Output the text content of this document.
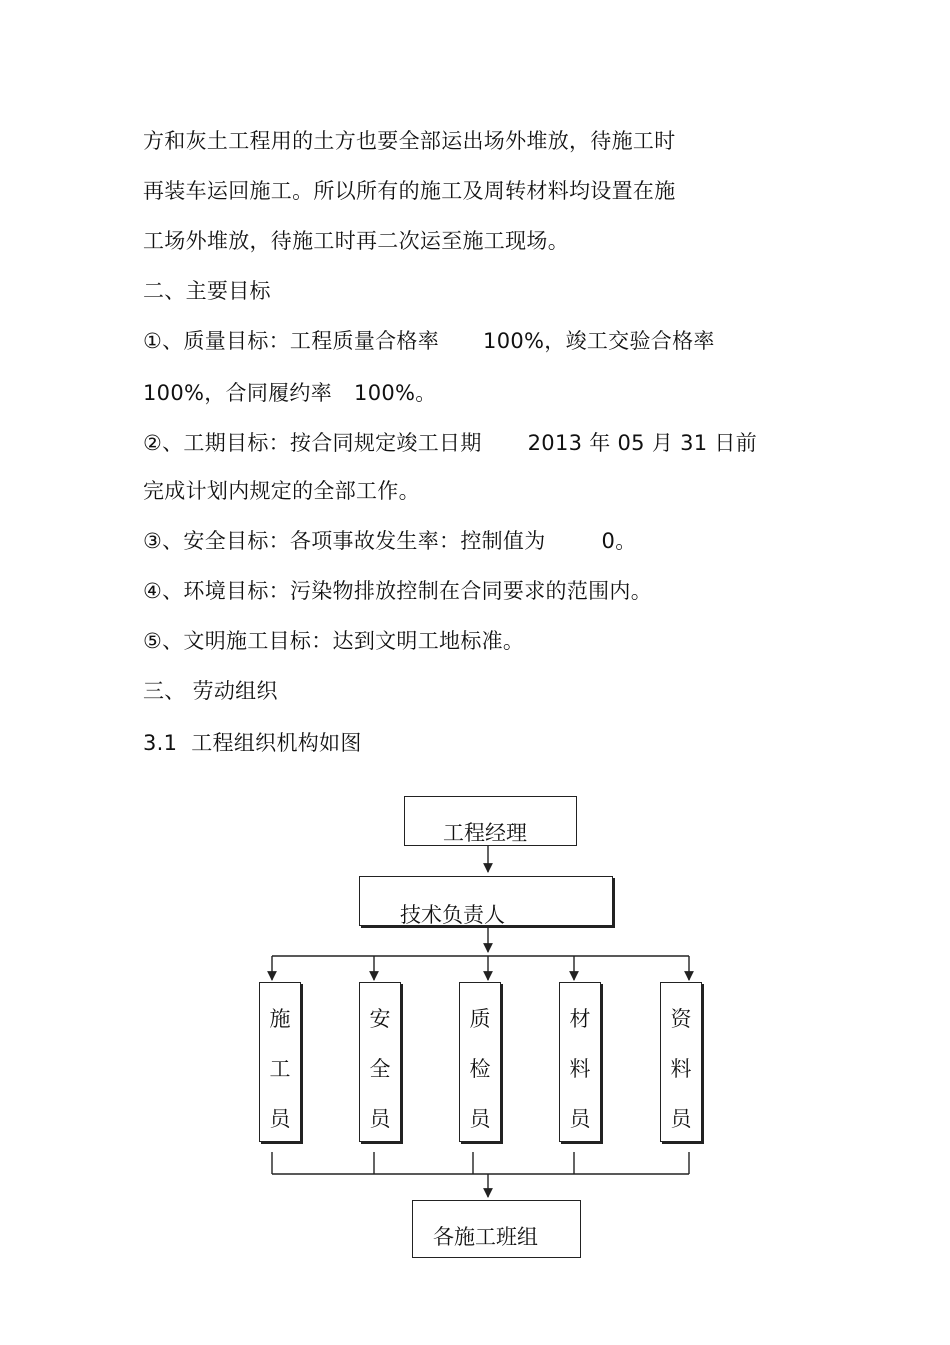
方和灰土工程用的土方也要全部运出场外堆放，待施工时
再装车运回施工。所以所有的施工及周转材料均设置在施
工场外堆放，待施工时再二次运至施工现场。
二、主要目标
①、质量目标：工程质量合格率 100%，竣工交验合格率
100%，合同履约率 100%。
②、工期目标：按合同规定竣工日期 2013 年 05 月 31 日前
完成计划内规定的全部工作。
③、安全目标：各项事故发生率：控制值为	0。
④、环境目标：污染物排放控制在合同要求的范围内。
⑤、文明施工目标：达到文明工地标准。
三、 劳动组织
3.1  工程组织机构如图
工程经理
技术负责人
施
工
员
安
全
员
质
检
员
材
料
员
资
料
员
各施工班组
